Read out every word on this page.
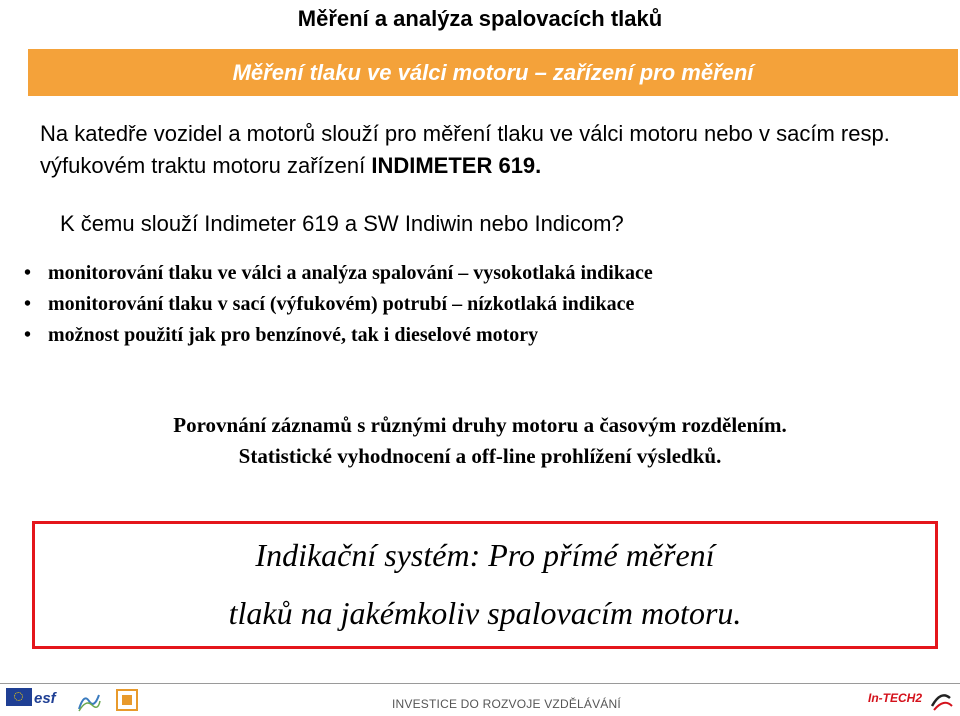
Měření a analýza spalovacích tlaků
Měření tlaku ve válci motoru – zařízení pro měření
Na katedře vozidel a motorů slouží pro měření tlaku ve válci motoru nebo v sacím resp. výfukovém traktu motoru zařízení INDIMETER 619.
K čemu slouží Indimeter 619 a SW Indiwin nebo Indicom?
• monitorování tlaku ve válci a analýza spalování – vysokotlaká indikace
• monitorování tlaku v sací (výfukovém) potrubí – nízkotlaká indikace
• možnost použití jak pro benzínové, tak i dieselové motory
Porovnání záznamů s různými druhy motoru a časovým rozdělením.
Statistické vyhodnocení a off-line prohlížení výsledků.
Indikační systém: Pro přímé měření
tlaků na jakémkoliv spalovacím motoru.
esf	INVESTICE DO ROZVOJE VZDĚLÁVÁNÍ	In-TECH2
